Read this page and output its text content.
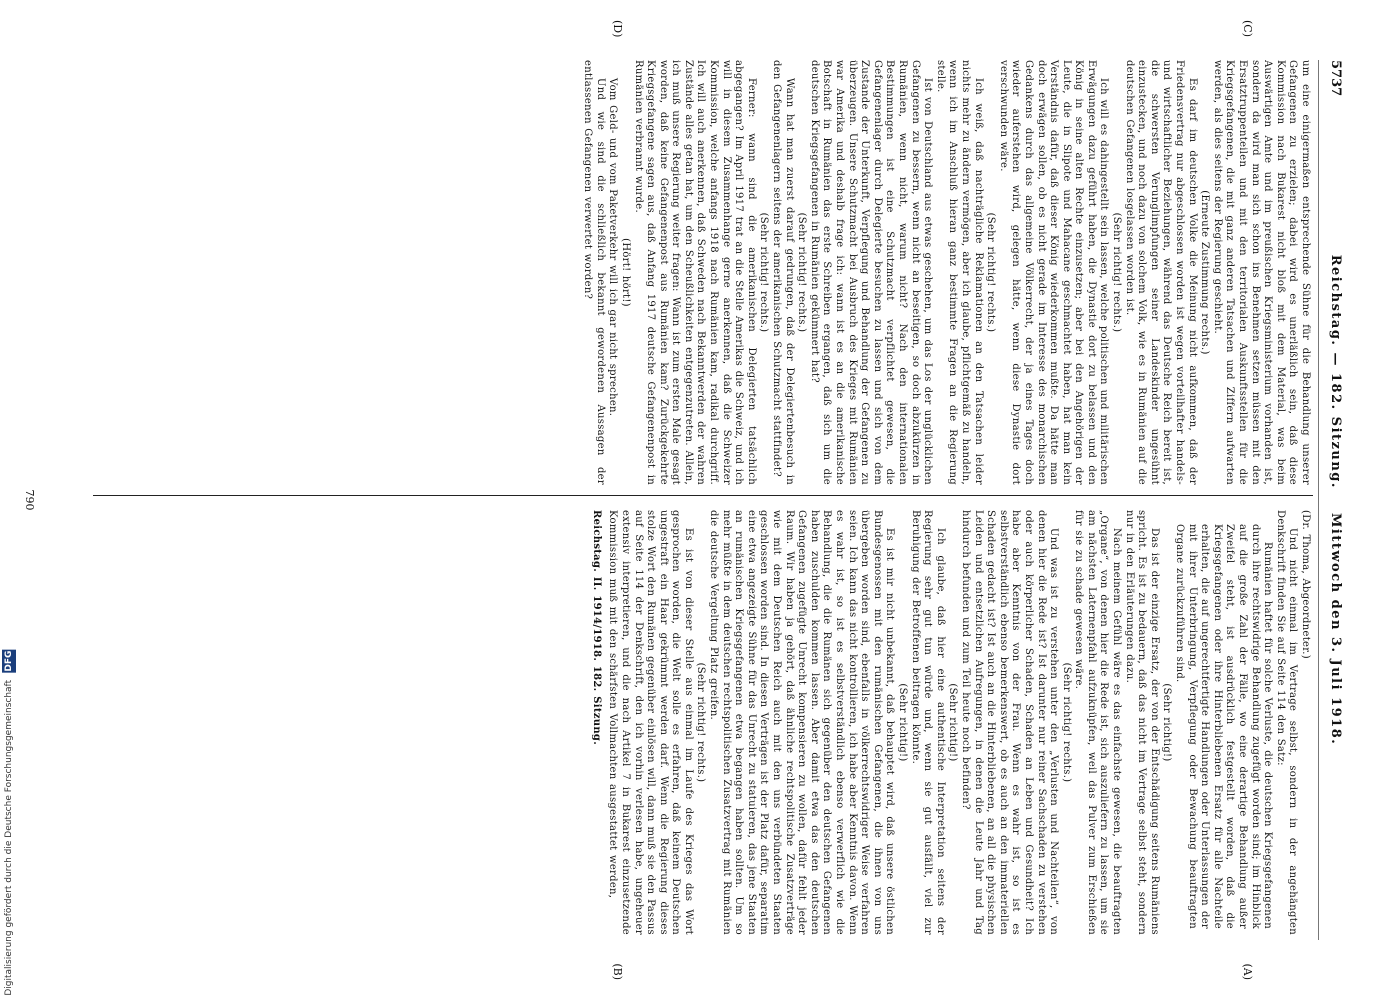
5737
Reichstag. — 182. Sitzung.    Mittwoch den 3. Juli 1918.
(C)
(D)
(A)
(B)

um eine einigermaßen entsprechende Sühne für die Behandlung unserer Gefangenen zu erzielen; dabei wird es unerläßlich sein, daß diese Kommission nach Bukarest nicht bloß mit dem Material, was beim Auswärtigen Amte und im preußischen Kriegsministerium vorhanden ist, sondern da wird man sich schon ins Benehmen setzen müssen mit den Ersatztruppenteilen und mit den territorialen Auskunftsstellen für die Kriegsgefangenen, die mit ganz anderen Tatsachen und Ziffern aufwarten werden, als dies seitens der Regierung geschieht.

(Erneute Zustimmung rechts.)

Es darf im deutschen Volke die Meinung nicht aufkommen, daß der Friedensvertrag nur abgeschlossen worden ist wegen vorteilhafter handels- und wirtschaftlicher Beziehungen, während das Deutsche Reich bereit ist, die schwersten Verunglimpfungen seiner Landeskinder ungesühnt einzustecken, und noch dazu von solchem Volk, wie es in Rumänien auf die deutschen Gefangenen losgelassen worden ist.

(Sehr richtig! rechts.)

Ich will es dahingestellt sein lassen, welche politischen und militärischen Erwägungen dazu geführt haben, die Dynastie dort zu belassen und den König in seine alten Rechte einzusetzen; aber bei den Angehörigen der Leute, die in Slipote und Mahacane geschmachtet haben, hat man kein Verständnis dafür, daß dieser König wiederkommen mußte. Da hätte man doch erwägen sollen, ob es nicht gerade im Interesse des monarchischen Gedankens durch das allgemeine Völkerrecht, der ja eines Tages doch wieder auferstehen wird, gelegen hätte, wenn diese Dynastie dort verschwunden wäre.

(Sehr richtig! rechts.)

Ich weiß, daß nachträgliche Reklamationen an den Tatsachen leider nichts mehr zu ändern vermögen, aber ich glaube, pflichtgemäß zu handeln, wenn ich im Anschluß hieran ganz bestimmte Fragen an die Regierung stelle.

Ist von Deutschland aus etwas geschehen, um das Los der unglücklichen Gefangenen zu bessern, wenn nicht an beseitigen, so doch abzukürzen in Rumänien, wenn nicht, warum nicht? Nach den internationalen Bestimmungen ist eine Schutzmacht verpflichtet gewesen, die Gefangenenlager durch Delegierte besuchen zu lassen und sich von dem Zustande der Unterkunft, Verpflegung und Behandlung der Gefangenen zu überzeugen. Unsere Schutzmacht bei Ausbruch des Krieges mit Rumänien war Amerika und deshalb frage ich: wann ist es an die amerikanische Botschaft in Rumänien das erste Schreiben ergangen, daß sich um die deutschen Kriegsgefangenen in Rumänien gekümmert hat?

(Sehr richtig! rechts.)

Wann hat man zuerst darauf gedrungen, daß der Delegiertenbesuch in den Gefangenenlagern seitens der amerikanischen Schutzmacht stattfindet?

(Sehr richtig! rechts.)

Ferner: wann sind die amerikanischen Delegierten tatsächlich abgegangen? Im April 1917 trat an die Stelle Amerikas die Schweiz, und ich will in diesem Zusammenhange gerne anerkennen, daß die Schweizer Kommission, welche anfangs 1918 nach Rumänien kam, radikal durchgriff. Ich will auch anerkennen, daß Schweden nach Bekanntwerden der wahren Zustände alles getan hat, um den Scheußlichkeiten entgegenzutreten. Allein, ich muß unsere Regierung weiter fragen: Wann ist zum ersten Male gesagt worden, daß keine Gefangenenpost aus Rumänien kam? Zurückgekehrte Kriegsgefangene sagen aus, daß Anfang 1917 deutsche Gefangenenpost in Rumänien verbrannt wurde.

(Hört! hört!)

Vom Geld- und vom Paketverkehr will ich gar nicht sprechen.

Und wie sind die schließlich bekannt gewordenen Aussagen der entlassenen Gefangenen verwertet worden?

(Dr. Thoma, Abgeordneter.)

Und nicht einmal im Vertrage selbst, sondern in der angehängten Denkschrift finden Sie auf Seite 114 den Satz:

Rumänien haftet für solche Verluste, die deutschen Kriegsgefangenen durch ihre rechtswidrige Behandlung zugefügt worden sind; im Hinblick auf die große Zahl der Fälle, wo eine derartige Behandlung außer Zweifel steht, ist ausdrücklich festgestellt worden, daß die Kriegsgefangenen oder ihre Hinterbliebenen Ersatz für alle Nachteile erhalten, die auf ungerechtfertigte Handlungen oder Unterlassungen der mit ihrer Unterbringung, Verpflegung oder Bewachung beauftragten Organe zurückzuführen sind.

(Sehr richtig!)

Das ist der einzige Ersatz, der von der Entschädigung seitens Rumäniens spricht. Es ist zu bedauern, daß das nicht im Vertrage selbst steht, sondern nur in den Erläuterungen dazu.

Nach meinem Gefühl wäre es das einfachste gewesen, die beauftragten „Organe“, von denen hier die Rede ist, sich auszuliefern zu lassen, um sie am nächsten Laternenpfahl aufzuknüpfen, weil das Pulver zum Erschießen für sie zu schade gewesen wäre.

(Sehr richtig! rechts.)

Und was ist zu verstehen unter den „Verlusten und Nachteilen“, von denen hier die Rede ist? Ist darunter nur reiner Sachschaden zu verstehen oder auch körperlicher Schaden, Schaden an Leben und Gesundheit? Ich habe aber Kenntnis von der Frau. Wenn es wahr ist, so ist es selbstverständlich ebenso bemerkenswert, ob es auch an den immateriellen Schaden gedacht ist? Ist auch an die Hinterbliebenen, an all die physischen Leiden und entsetzlichen Aufregungen, in denen die Leute Jahr und Tag hindurch befunden und zum Teil heute noch befinden?

(Sehr richtig!)

Ich glaube, daß hier eine authentische Interpretation seitens der Regierung sehr gut tun würde und, wenn sie gut ausfällt, viel zur Beruhigung der Betroffenen beitragen könnte.

(Sehr richtig!)

Es ist mir nicht unbekannt, daß behauptet wird, daß unsere östlichen Bundesgenossen mit den rumänischen Gefangenen, die ihnen von uns übergeben worden sind, ebenfalls in völkerrechtswidriger Weise verfahren seien. Ich kann das nicht kontrollieren, ich habe aber Kenntnis davon. Wenn es wahr ist, so ist es selbstverständlich ebenso verwerflich wie die Behandlung, die die Rumänen sich gegenüber den deutschen Gefangenen haben zuschulden kommen lassen. Aber damit etwa das den deutschen Gefangenen zugefügte Unrecht kompensieren zu wollen, dafür fehlt jeder Raum. Wir haben ja gehört, daß ähnliche rechtspolitische Zusatzverträge wie mit dem Deutschen Reich auch mit den uns verbündeten Staaten geschlossen worden sind. In diesen Verträgen ist der Platz dafür, separatim eine etwa angezeigte Sühne für das Unrecht zu statuieren, das jene Staaten an rumänischen Kriegsgefangenen etwa begangen haben sollten. Um so mehr müßte in dem deutschen rechtspolitischen Zusatzvertrag mit Rumänien die deutsche Vergeltung Platz greifen.

(Sehr richtig! rechts.)

Es ist von dieser Stelle aus einmal im Laufe des Krieges das Wort gesprochen worden, die Welt solle es erfahren, daß keinem Deutschen ungestraft ein Haar gekrümmt werden darf. Wenn die Regierung dieses stolze Wort den Rumänen gegenüber einlösen will, dann muß sie den Passus auf Seite 114 der Denkschrift, den ich vorhin verlesen habe, ungeheuer extensiv interpretieren, und die nach Artikel 7 in Bukarest einzusetzende Kommission muß mit den schärfsten Vollmachten ausgestattet werden,

Reichstag. II. 1914/1918. 182. Sitzung.
790
Digitalisierung gefördert durch die Deutsche Forschungsgemeinschaft DFG
